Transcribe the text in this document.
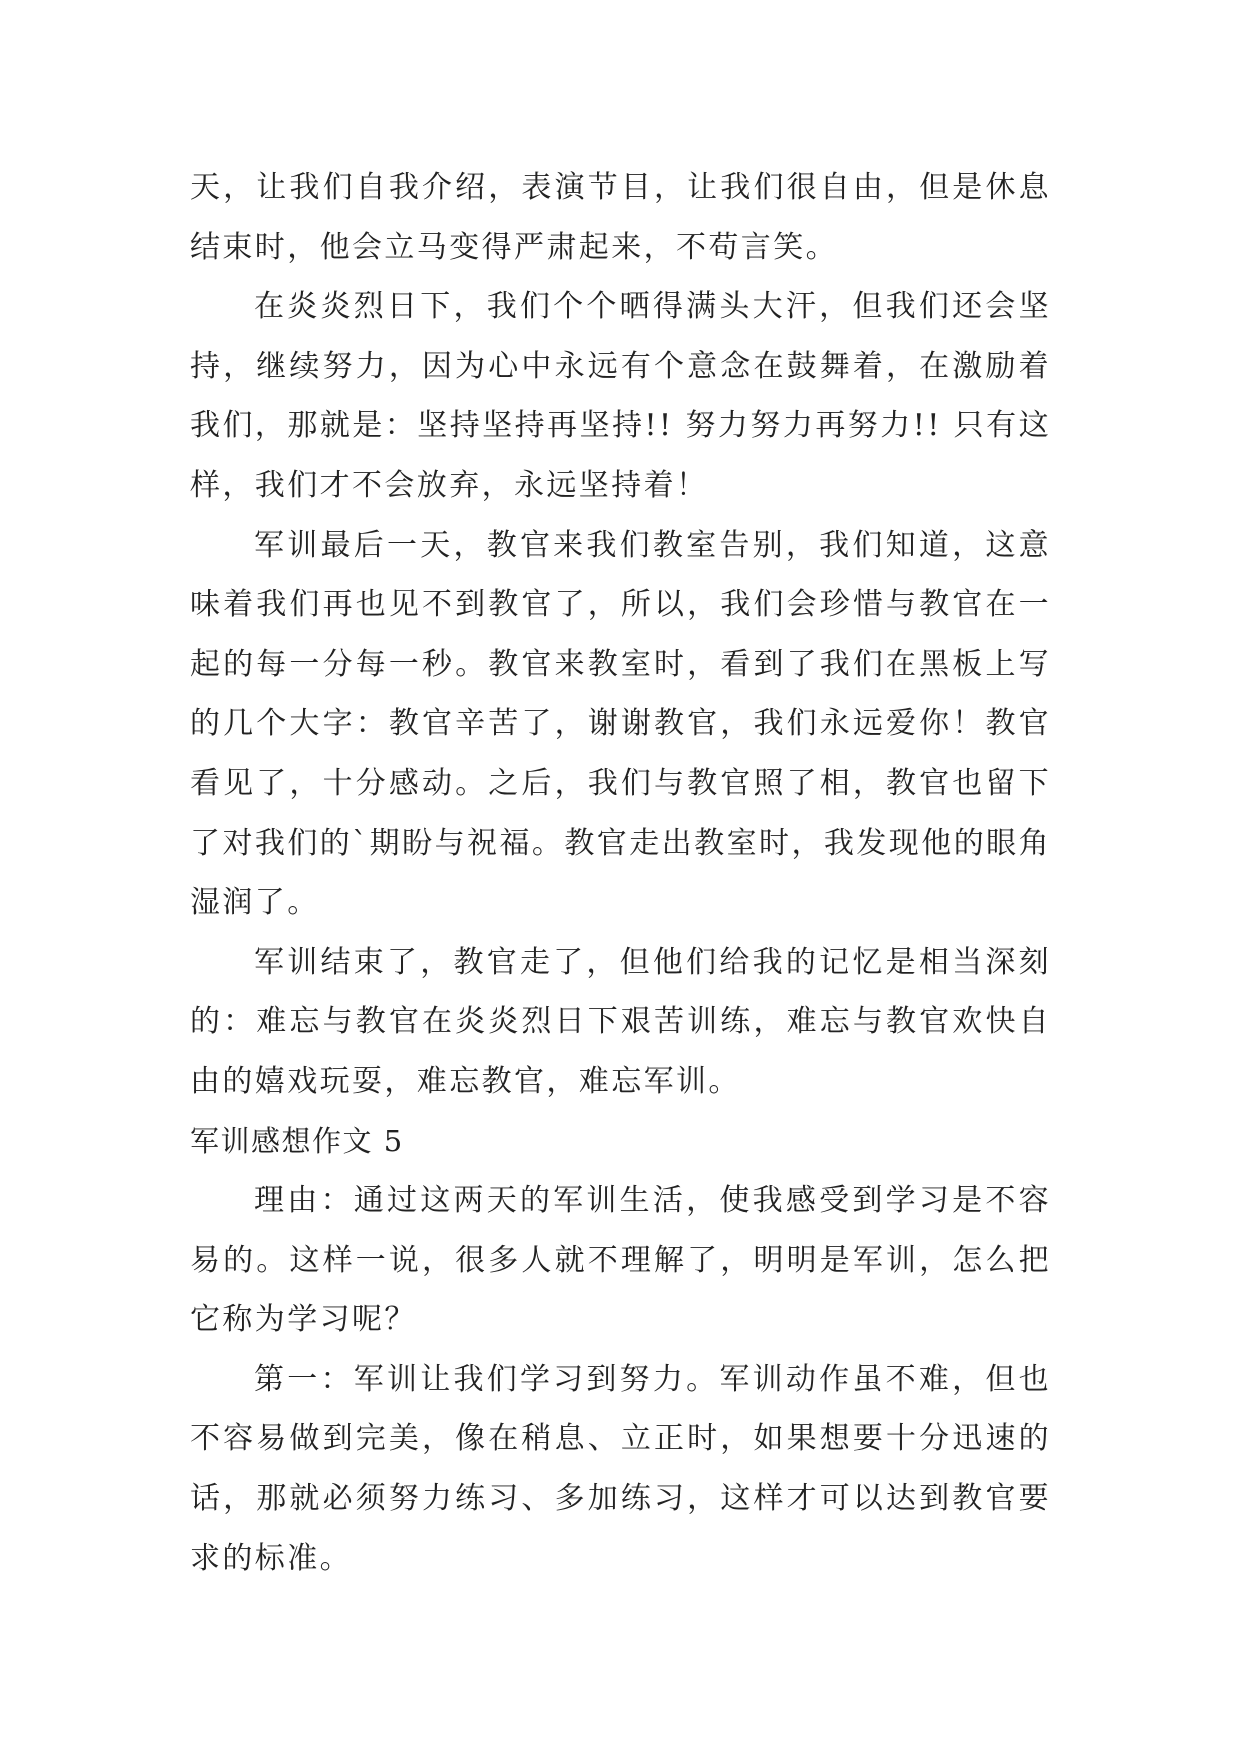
天，让我们自我介绍，表演节目，让我们很自由，但是休息结束时，他会立马变得严肃起来，不苟言笑。

在炎炎烈日下，我们个个晒得满头大汗，但我们还会坚持，继续努力，因为心中永远有个意念在鼓舞着，在激励着我们，那就是：坚持坚持再坚持!! 努力努力再努力!! 只有这样，我们才不会放弃，永远坚持着！

军训最后一天，教官来我们教室告别，我们知道，这意味着我们再也见不到教官了，所以，我们会珍惜与教官在一起的每一分每一秒。教官来教室时，看到了我们在黑板上写的几个大字：教官辛苦了，谢谢教官，我们永远爱你！教官看见了，十分感动。之后，我们与教官照了相，教官也留下了对我们的`期盼与祝福。教官走出教室时，我发现他的眼角湿润了。

军训结束了，教官走了，但他们给我的记忆是相当深刻的：难忘与教官在炎炎烈日下艰苦训练，难忘与教官欢快自由的嬉戏玩耍，难忘教官，难忘军训。

军训感想作文 5

理由：通过这两天的军训生活，使我感受到学习是不容易的。这样一说，很多人就不理解了，明明是军训，怎么把它称为学习呢？

第一：军训让我们学习到努力。军训动作虽不难，但也不容易做到完美，像在稍息、立正时，如果想要十分迅速的话，那就必须努力练习、多加练习，这样才可以达到教官要求的标准。
